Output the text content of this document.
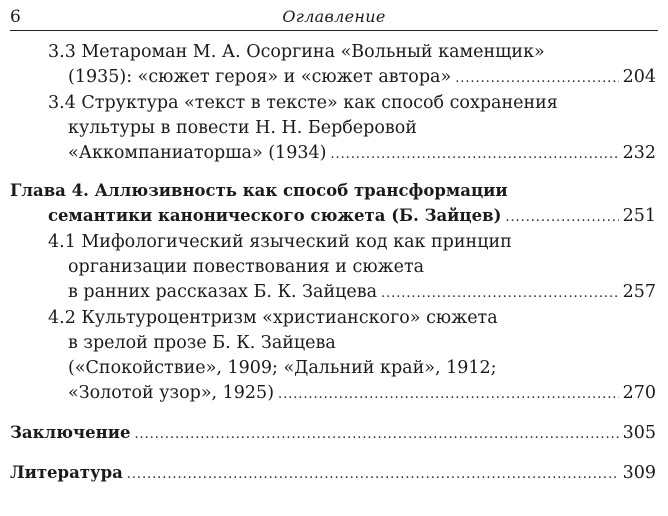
6	Оглавление
3.3 Метароман М. А. Осоргина «Вольный каменщик»
(1935): «сюжет героя» и «сюжет автора» . . .	204
3.4 Структура «текст в тексте» как способ сохранения
культуры в повести Н. Н. Берберовой
«Аккомпаниаторша» (1934) . . .	232
Глава 4. Аллюзивность как способ трансформации
семантики канонического сюжета (Б. Зайцев) . . .	251
4.1 Мифологический языческий код как принцип
организации повествования и сюжета
в ранних рассказах Б. К. Зайцева . . .	257
4.2 Культуроцентризм «христианского» сюжета
в зрелой прозе Б. К. Зайцева
(«Спокойствие», 1909; «Дальний край», 1912;
«Золотой узор», 1925) . . .	270
Заключение . . .	305
Литература . . .	309
